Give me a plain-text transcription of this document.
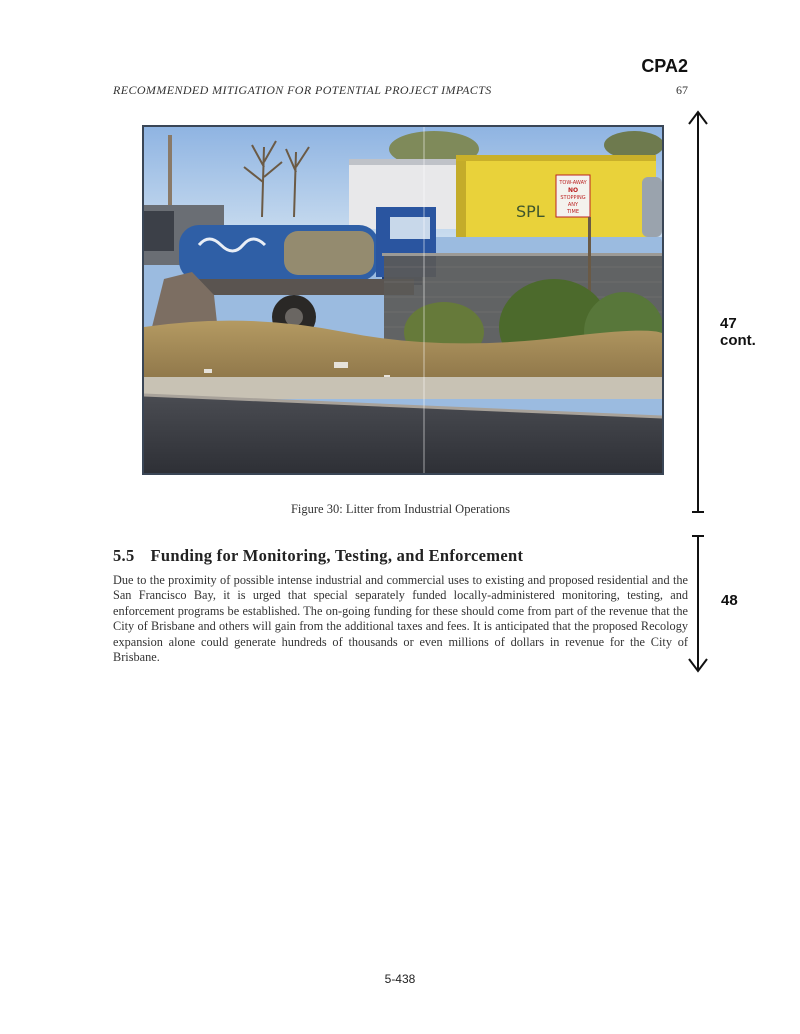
CPA2
RECOMMENDED MITIGATION FOR POTENTIAL PROJECT IMPACTS	67
SPL
TOW-AWAY
NO
STOPPING
ANY
TIME
Figure 30: Litter from Industrial Operations
5.5 Funding for Monitoring, Testing, and Enforcement
Due to the proximity of possible intense industrial and commercial uses to existing and proposed residential and the San Francisco Bay, it is urged that special separately funded locally-administered monitoring, testing, and enforcement programs be established. The on-going funding for these should come from part of the revenue that the City of Brisbane and others will gain from the additional taxes and fees. It is anticipated that the proposed Recology expansion alone could generate hundreds of thousands or even millions of dollars in revenue for the City of Brisbane.
47
cont.
48
5-438
